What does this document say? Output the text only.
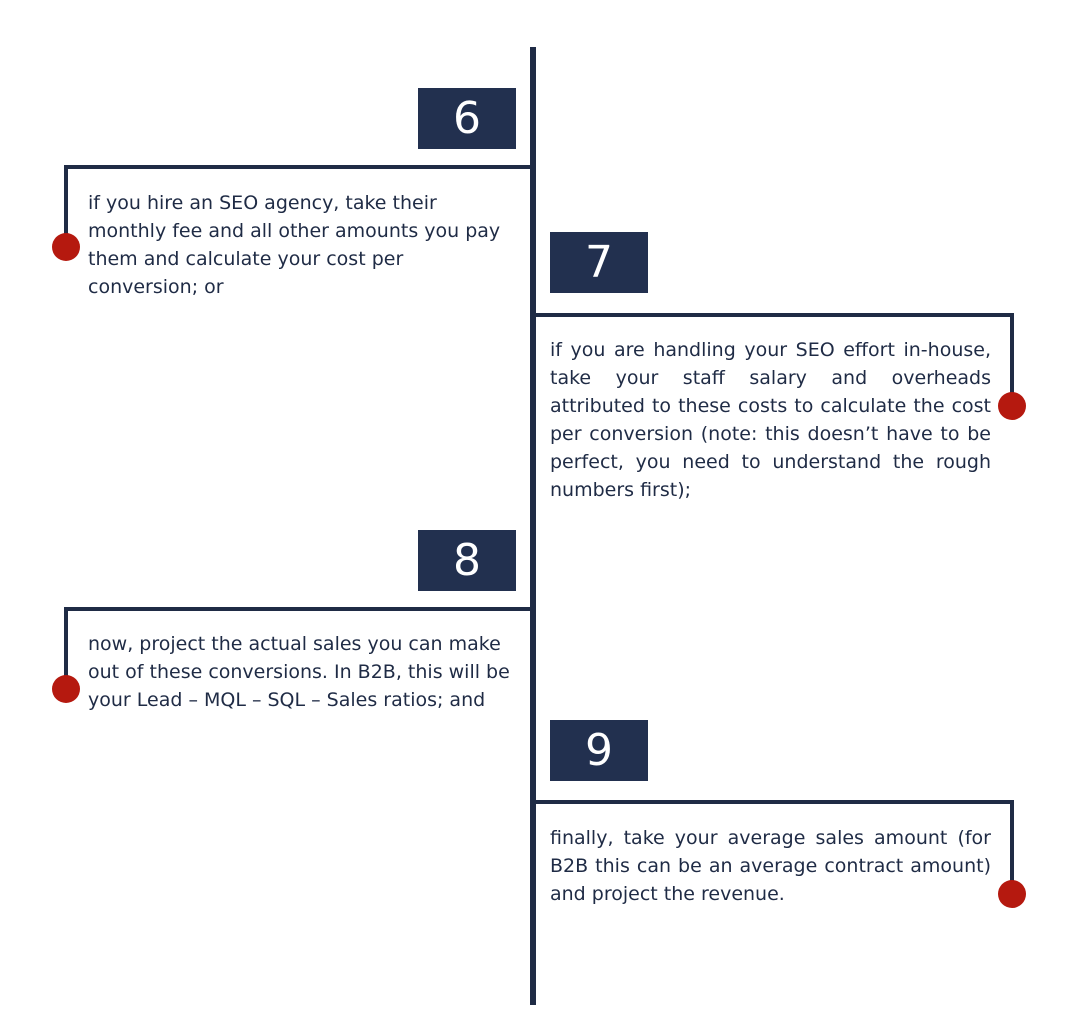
6
if you hire an SEO agency, take their monthly fee and all other amounts you pay them and calculate your cost per conversion; or	7
if you are handling your SEO effort in-house, take your staff salary and overheads attributed to these costs to calculate the cost per conversion (note: this doesn’t have to be perfect, you need to understand the rough numbers first);
8
now, project the actual sales you can make out of these conversions. In B2B, this will be your Lead – MQL – SQL – Sales ratios; and
9
finally, take your average sales amount (for B2B this can be an average contract amount) and project the revenue.
